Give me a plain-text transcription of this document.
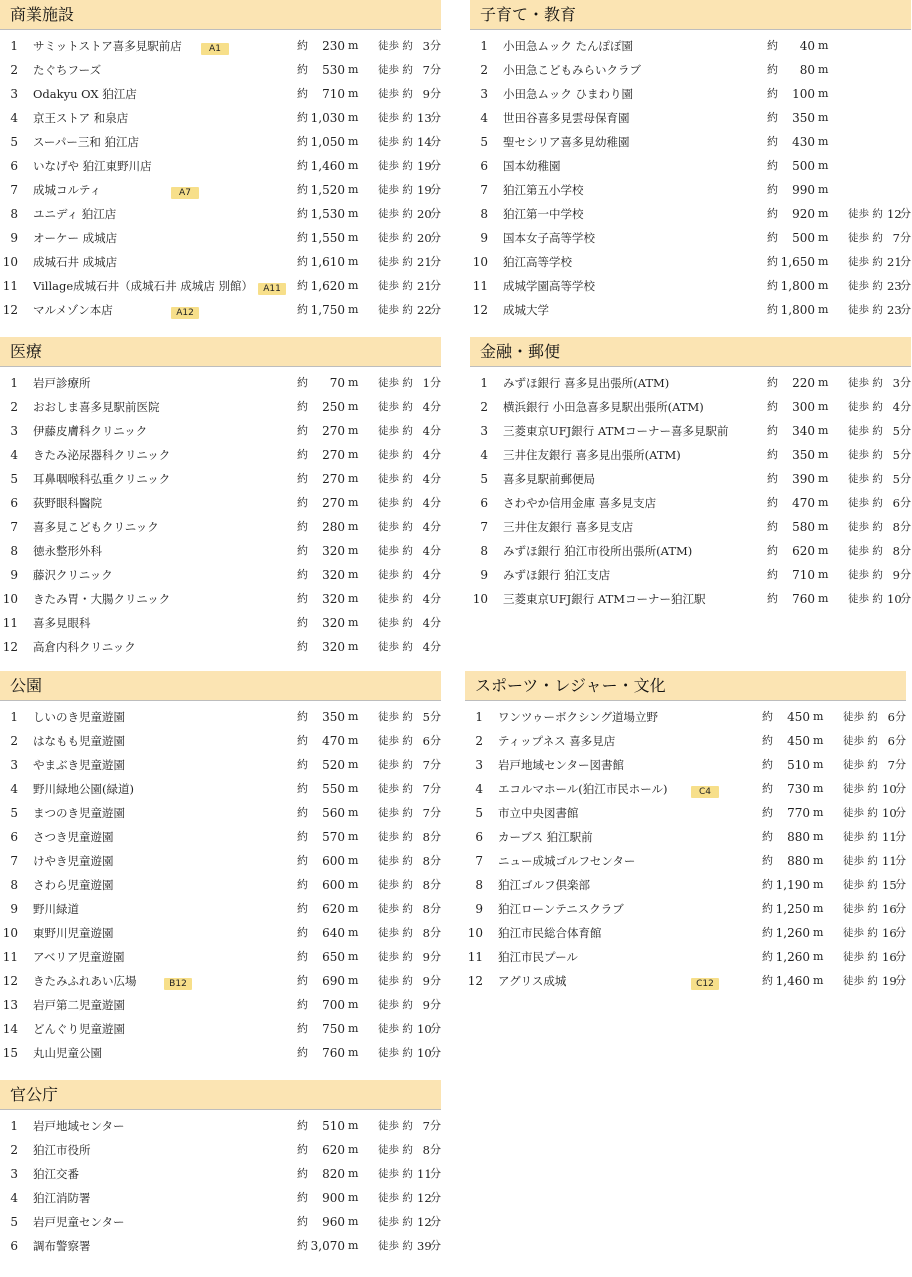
商業施設
1 サミットストア喜多見駅前店	約	230 m 徒歩 約 3 分
A1
2 たぐちフーズ	約	530 m 徒歩 約 7 分
3 Odakyu OX 狛江店	約	710 m 徒歩 約 9 分
4 京王ストア 和泉店	約 1,030 m 徒歩 約 13
分
5 スーパー三和 狛江店	約 1,050 m 徒歩 約 14
分
6 いなげや 狛江東野川店	約 1,460 m 徒歩 約 19
分
7 成城コルティ	約 1,520 m 徒歩 約 19
分
A7
8 ユニディ 狛江店	約 1,530 m 徒歩 約 20
分
9 オーケー 成城店	約 1,550 m 徒歩 約 20
分
10 成城石井 成城店	約 1,610 m 徒歩 約 21
分
11 Village成城石井（成城石井 成城店 別館）	約 1,620 m 徒歩 約 21
分
A11
12 マルメゾン本店	約 1,750 m 徒歩 約 22
分
A12
子育て・教育
1 小田急ムック たんぽぽ園	約	40 m
2 小田急こどもみらいクラブ	約	80 m
3 小田急ムック ひまわり園	約	100 m
4 世田谷喜多見雲母保育園	約	350 m
5 聖セシリア喜多見幼稚園	約	430 m
6 国本幼稚園	約	500 m
7 狛江第五小学校	約	990 m
8 狛江第一中学校	約	920 m 徒歩 約 12
分
9 国本女子高等学校	約	500 m 徒歩 約 7 分
10 狛江高等学校	約 1,650 m 徒歩 約 21
分
11 成城学園高等学校	約 1,800 m 徒歩 約 23
分
12 成城大学	約 1,800 m 徒歩 約 23
分
医療
1 岩戸診療所	約	70 m 徒歩 約 1 分
2 おおしま喜多見駅前医院	約	250 m 徒歩 約 4 分
3 伊藤皮膚科クリニック	約	270 m 徒歩 約 4 分
4 きたみ泌尿器科クリニック	約	270 m 徒歩 約 4 分
5 耳鼻咽喉科弘重クリニック	約	270 m 徒歩 約 4 分
6 荻野眼科醫院	約	270 m 徒歩 約 4 分
7 喜多見こどもクリニック	約	280 m 徒歩 約 4 分
8 徳永整形外科	約	320 m 徒歩 約 4 分
9 藤沢クリニック	約	320 m 徒歩 約 4 分
10 きたみ胃・大腸クリニック	約	320 m 徒歩 約 4 分
11 喜多見眼科	約	320 m 徒歩 約 4 分
12 高倉内科クリニック	約	320 m 徒歩 約 4 分
金融・郵便
1 みずほ銀行 喜多見出張所(ATM)	約	220 m 徒歩 約 3 分
2 横浜銀行 小田急喜多見駅出張所(ATM)	約	300 m 徒歩 約 4 分
3 三菱東京UFJ銀行 ATMコーナー喜多見駅前	約	340 m 徒歩 約 5 分
4 三井住友銀行 喜多見出張所(ATM)	約	350 m 徒歩 約 5 分
5 喜多見駅前郵便局	約	390 m 徒歩 約 5 分
6 さわやか信用金庫 喜多見支店	約	470 m 徒歩 約 6 分
7 三井住友銀行 喜多見支店	約	580 m 徒歩 約 8 分
8 みずほ銀行 狛江市役所出張所(ATM)	約	620 m 徒歩 約 8 分
9 みずほ銀行 狛江支店	約	710 m 徒歩 約 9 分
10 三菱東京UFJ銀行 ATMコーナー狛江駅	約	760 m 徒歩 約 10
分
公園
1 しいのき児童遊園	約	350 m 徒歩 約 5 分
2 はなもも児童遊園	約	470 m 徒歩 約 6 分
3 やまぶき児童遊園	約	520 m 徒歩 約 7 分
4 野川緑地公園(緑道)	約	550 m 徒歩 約 7 分
5 まつのき児童遊園	約	560 m 徒歩 約 7 分
6 さつき児童遊園	約	570 m 徒歩 約 8 分
7 けやき児童遊園	約	600 m 徒歩 約 8 分
8 さわら児童遊園	約	600 m 徒歩 約 8 分
9 野川緑道	約	620 m 徒歩 約 8 分
10 東野川児童遊園	約	640 m 徒歩 約 8 分
11 アベリア児童遊園	約	650 m 徒歩 約 9 分
12 きたみふれあい広場	約	690 m 徒歩 約 9 分
B12
13 岩戸第二児童遊園	約	700 m 徒歩 約 9 分
14 どんぐり児童遊園	約	750 m 徒歩 約 10
分
15 丸山児童公園	約	760 m 徒歩 約 10
分
スポーツ・レジャー・文化
1 ワンツゥーボクシング道場立野	約	450 m 徒歩 約 6 分
2 ティップネス 喜多見店	約	450 m 徒歩 約 6 分
3 岩戸地域センター図書館	約	510 m 徒歩 約 7 分
4 エコルマホール(狛江市民ホール)	約	730 m 徒歩 約 10
分
C4
5 市立中央図書館	約	770 m 徒歩 約 10
分
6 カーブス 狛江駅前	約	880 m 徒歩 約 11
分
7 ニュー成城ゴルフセンター	約	880 m 徒歩 約 11
分
8 狛江ゴルフ倶楽部	約 1,190 m 徒歩 約 15
分
9 狛江ローンテニスクラブ	約 1,250 m 徒歩 約 16
分
10 狛江市民総合体育館	約 1,260 m 徒歩 約 16
分
11 狛江市民プール	約 1,260 m 徒歩 約 16
分
12 アグリス成城	約 1,460 m 徒歩 約 19
分
C12
官公庁
1 岩戸地域センター	約	510 m 徒歩 約 7 分
2 狛江市役所	約	620 m 徒歩 約 8 分
3 狛江交番	約	820 m 徒歩 約 11
分
4 狛江消防署	約	900 m 徒歩 約 12
分
5 岩戸児童センター	約	960 m 徒歩 約 12
分
6 調布警察署	約 3,070 m 徒歩 約 39
分
